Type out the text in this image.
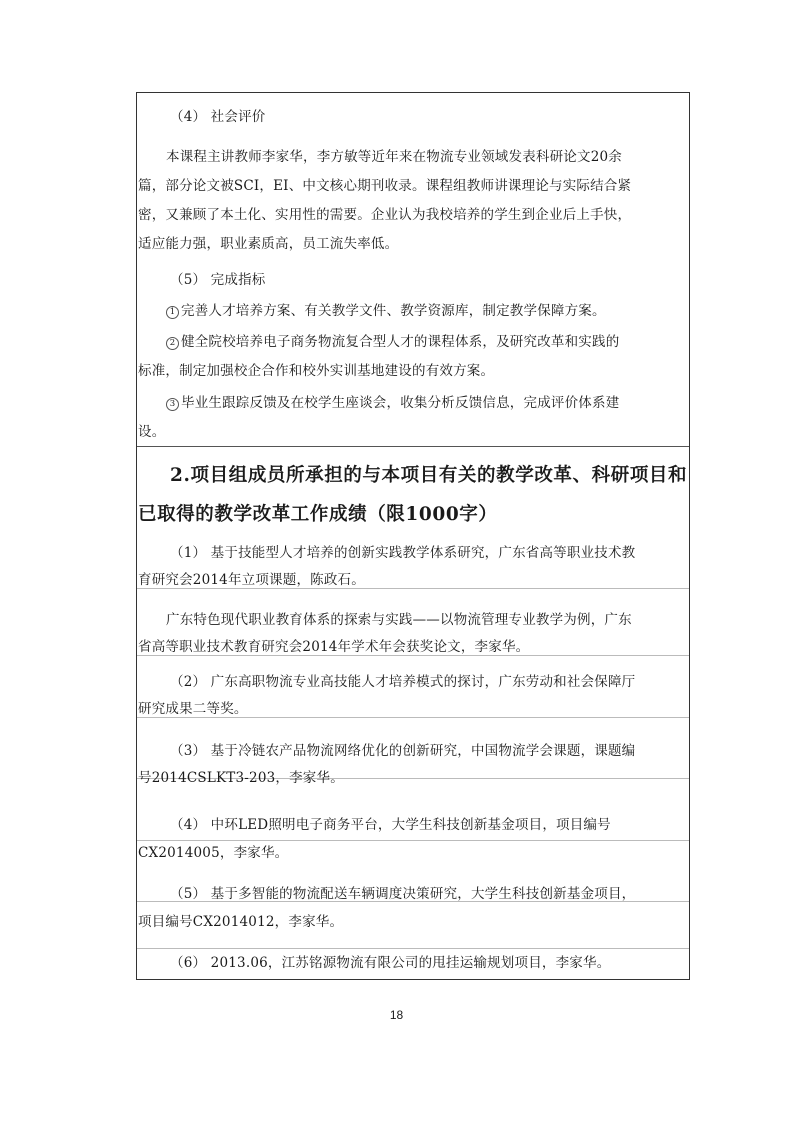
（4） 社会评价
本课程主讲教师李家华，李方敏等近年来在物流专业领域发表科研论文20余
篇，部分论文被SCI，EI、中文核心期刊收录。课程组教师讲课理论与实际结合紧
密，又兼顾了本土化、实用性的需要。企业认为我校培养的学生到企业后上手快，
适应能力强，职业素质高，员工流失率低。
（5） 完成指标
1 完善人才培养方案、有关教学文件、教学资源库，制定教学保障方案。
2 健全院校培养电子商务物流复合型人才的课程体系，及研究改革和实践的
标准，制定加强校企合作和校外实训基地建设的有效方案。
3 毕业生跟踪反馈及在校学生座谈会，收集分析反馈信息，完成评价体系建
设。
2.项目组成员所承担的与本项目有关的教学改革、科研项目和
已取得的教学改革工作成绩（限1000字）
（1） 基于技能型人才培养的创新实践教学体系研究，广东省高等职业技术教
育研究会2014年立项课题，陈政石。
广东特色现代职业教育体系的探索与实践——以物流管理专业教学为例，广东
省高等职业技术教育研究会2014年学术年会获奖论文，李家华。
（2） 广东高职物流专业高技能人才培养模式的探讨，广东劳动和社会保障厅
研究成果二等奖。
（3） 基于冷链农产品物流网络优化的创新研究，中国物流学会课题，课题编
号2014CSLKT3-203，李家华。
（4） 中环LED照明电子商务平台，大学生科技创新基金项目，项目编号
CX2014005，李家华。
（5） 基于多智能的物流配送车辆调度决策研究，大学生科技创新基金项目，
项目编号CX2014012，李家华。
（6） 2013.06，江苏铭源物流有限公司的甩挂运输规划项目，李家华。
18
